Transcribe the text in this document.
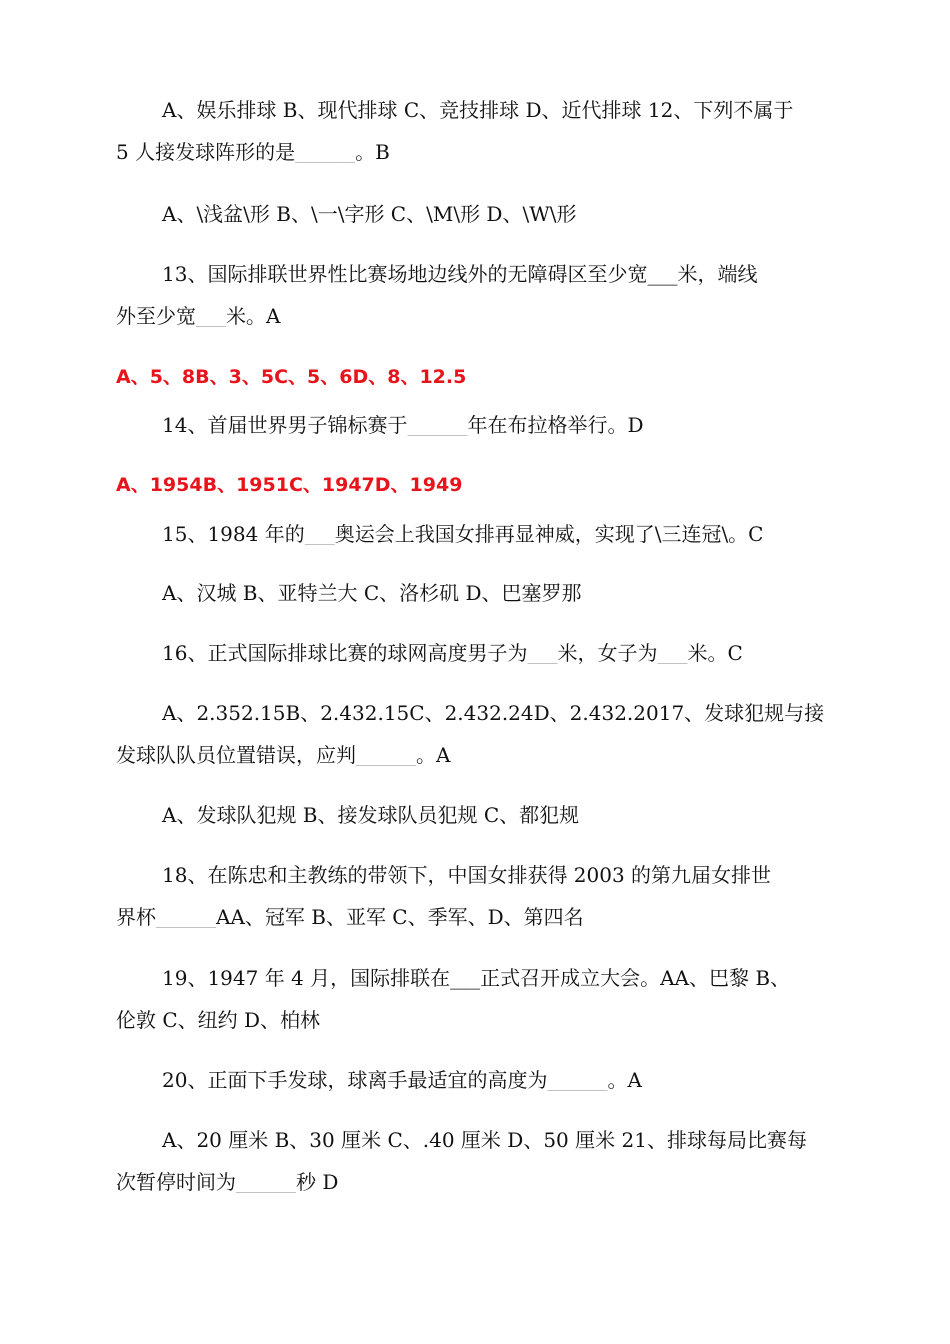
A、娱乐排球 B、现代排球 C、竞技排球 D、近代排球 12、下列不属于
5 人接发球阵形的是______。B
A、\浅盆\形 B、\一\字形 C、\M\形 D、\W\形
13、国际排联世界性比赛场地边线外的无障碍区至少宽___米，端线
外至少宽___米。A
A、5、8B、3、5C、5、6D、8、12.5
14、首届世界男子锦标赛于______年在布拉格举行。D
A、1954B、1951C、1947D、1949
15、1984 年的___奥运会上我国女排再显神威，实现了\三连冠\。C
A、汉城 B、亚特兰大 C、洛杉矶 D、巴塞罗那
16、正式国际排球比赛的球网高度男子为___米，女子为___米。C
A、2.352.15B、2.432.15C、2.432.24D、2.432.2017、发球犯规与接
发球队队员位置错误，应判______。A
A、发球队犯规 B、接发球队员犯规 C、都犯规
18、在陈忠和主教练的带领下，中国女排获得 2003 的第九届女排世
界杯______AA、冠军 B、亚军 C、季军、D、第四名
19、1947 年 4 月，国际排联在___正式召开成立大会。AA、巴黎 B、
伦敦 C、纽约 D、柏林
20、正面下手发球，球离手最适宜的高度为______。A
A、20 厘米 B、30 厘米 C、.40 厘米 D、50 厘米 21、排球每局比赛每
次暂停时间为______秒 D
